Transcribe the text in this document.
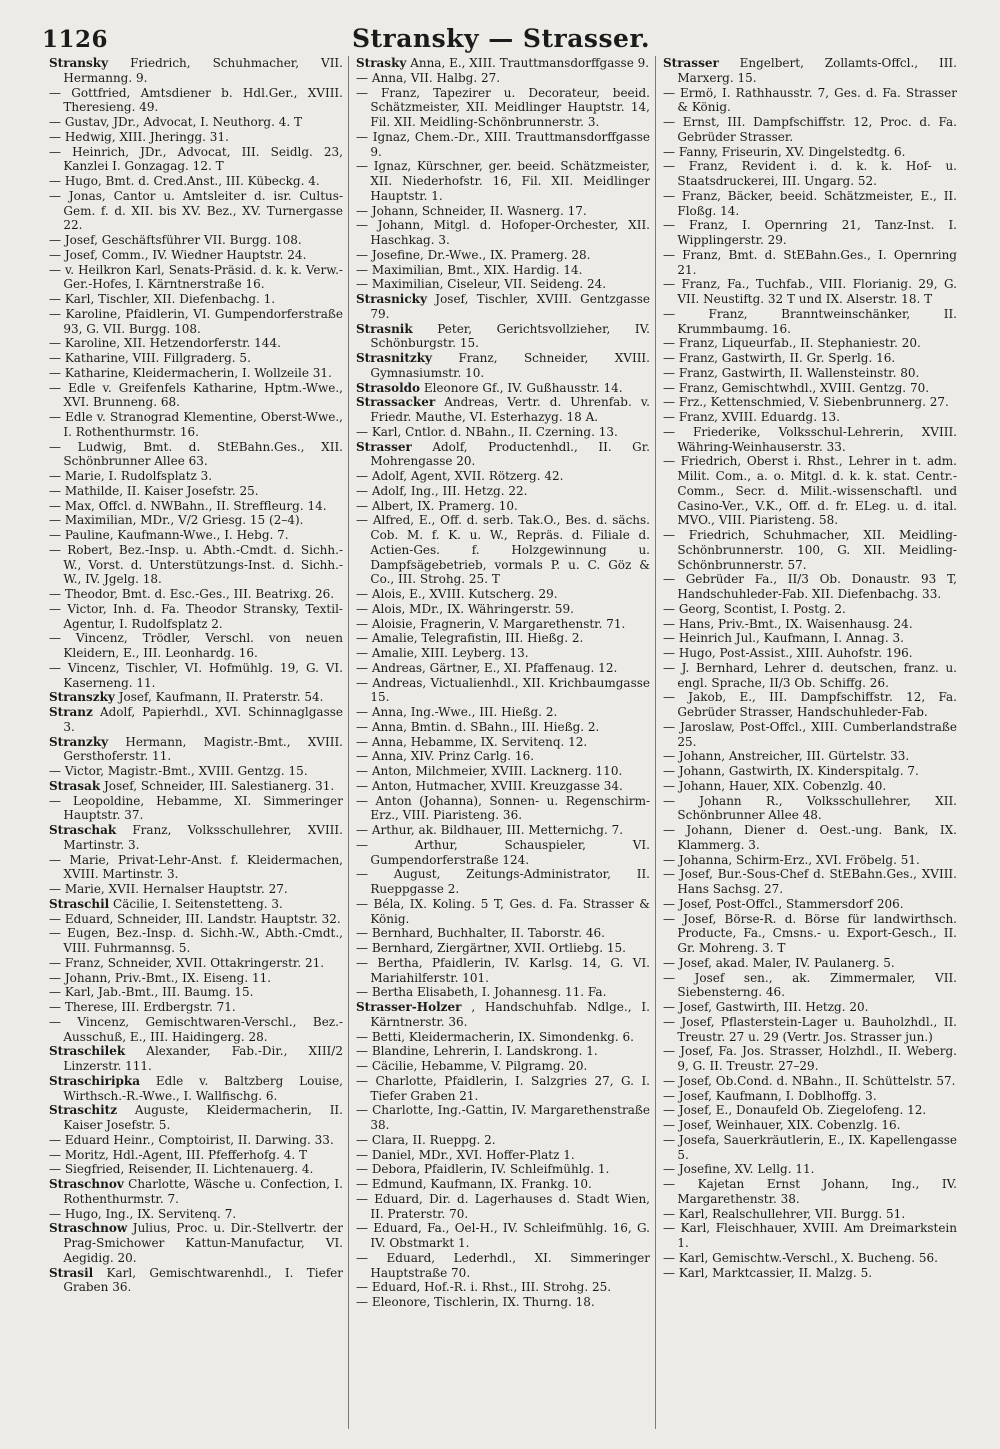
1126	Stransky — Strasser.
Stransky Friedrich, Schuhmacher, VII. Hermanng. 9.
— Gottfried, Amtsdiener b. Hdl.Ger., XVIII. Theresieng. 49.
— Gustav, JDr., Advocat, I. Neuthorg. 4. T
— Hedwig, XIII. Jheringg. 31.
— Heinrich, JDr., Advocat, III. Seidlg. 23, Kanzlei I. Gonzagag. 12. T
— Hugo, Bmt. d. Cred.Anst., III. Kübeckg. 4.
— Jonas, Cantor u. Amtsleiter d. isr. Cultus-Gem. f. d. XII. bis XV. Bez., XV. Turnergasse 22.
— Josef, Geschäftsführer VII. Burgg. 108.
— Josef, Comm., IV. Wiedner Hauptstr. 24.
— v. Heilkron Karl, Senats-Präsid. d. k. k. Verw.-Ger.-Hofes, I. Kärntnerstraße 16.
— Karl, Tischler, XII. Diefenbachg. 1.
— Karoline, Pfaidlerin, VI. Gumpendorferstraße 93, G. VII. Burgg. 108.
— Karoline, XII. Hetzendorferstr. 144.
— Katharine, VIII. Fillgraderg. 5.
— Katharine, Kleidermacherin, I. Wollzeile 31.
— Edle v. Greifenfels Katharine, Hptm.-Wwe., XVI. Brunneng. 68.
— Edle v. Stranograd Klementine, Oberst-Wwe., I. Rothenthurmstr. 16.
— Ludwig, Bmt. d. StEBahn.Ges., XII. Schönbrunner Allee 63.
— Marie, I. Rudolfsplatz 3.
— Mathilde, II. Kaiser Josefstr. 25.
— Max, Offcl. d. NWBahn., II. Streffleurg. 14.
— Maximilian, MDr., V/2 Griesg. 15 (2–4).
— Pauline, Kaufmann-Wwe., I. Hebg. 7.
— Robert, Bez.-Insp. u. Abth.-Cmdt. d. Sichh.-W., Vorst. d. Unterstützungs-Inst. d. Sichh.-W., IV. Jgelg. 18.
— Theodor, Bmt. d. Esc.-Ges., III. Beatrixg. 26.
— Victor, Inh. d. Fa. Theodor Stransky, Textil-Agentur, I. Rudolfsplatz 2.
— Vincenz, Trödler, Verschl. von neuen Kleidern, E., III. Leonhardg. 16.
— Vincenz, Tischler, VI. Hofmühlg. 19, G. VI. Kaserneng. 11.
Stranszky Josef, Kaufmann, II. Praterstr. 54.
Stranz Adolf, Papierhdl., XVI. Schinnaglgasse 3.
Stranzky Hermann, Magistr.-Bmt., XVIII. Gersthoferstr. 11.
— Victor, Magistr.-Bmt., XVIII. Gentzg. 15.
Strasak Josef, Schneider, III. Salestianerg. 31.
— Leopoldine, Hebamme, XI. Simmeringer Hauptstr. 37.
Straschak Franz, Volksschullehrer, XVIII. Martinstr. 3.
— Marie, Privat-Lehr-Anst. f. Kleidermachen, XVIII. Martinstr. 3.
— Marie, XVII. Hernalser Hauptstr. 27.
Straschil Cäcilie, I. Seitenstetteng. 3.
— Eduard, Schneider, III. Landstr. Hauptstr. 32.
— Eugen, Bez.-Insp. d. Sichh.-W., Abth.-Cmdt., VIII. Fuhrmannsg. 5.
— Franz, Schneider, XVII. Ottakringerstr. 21.
— Johann, Priv.-Bmt., IX. Eiseng. 11.
— Karl, Jab.-Bmt., III. Baumg. 15.
— Therese, III. Erdbergstr. 71.
— Vincenz, Gemischtwaren-Verschl., Bez.-Ausschuß, E., III. Haidingerg. 28.
Straschilek Alexander, Fab.-Dir., XIII/2 Linzerstr. 111.
Straschiripka Edle v. Baltzberg Louise, Wirthsch.-R.-Wwe., I. Wallfischg. 6.
Straschitz Auguste, Kleidermacherin, II. Kaiser Josefstr. 5.
— Eduard Heinr., Comptoirist, II. Darwing. 33.
— Moritz, Hdl.-Agent, III. Pfefferhofg. 4. T
— Siegfried, Reisender, II. Lichtenauerg. 4.
Straschnov Charlotte, Wäsche u. Confection, I. Rothenthurmstr. 7.
— Hugo, Ing., IX. Servitenq. 7.
Straschnow Julius, Proc. u. Dir.-Stellvertr. der Prag-Smichower Kattun-Manufactur, VI. Aegidig. 20.
Strasil Karl, Gemischtwarenhdl., I. Tiefer Graben 36.
Strasky Anna, E., XIII. Trauttmansdorffgasse 9.
— Anna, VII. Halbg. 27.
— Franz, Tapezirer u. Decorateur, beeid. Schätzmeister, XII. Meidlinger Hauptstr. 14, Fil. XII. Meidling-Schönbrunnerstr. 3.
— Ignaz, Chem.-Dr., XIII. Trauttmansdorffgasse 9.
— Ignaz, Kürschner, ger. beeid. Schätzmeister, XII. Niederhofstr. 16, Fil. XII. Meidlinger Hauptstr. 1.
— Johann, Schneider, II. Wasnerg. 17.
— Johann, Mitgl. d. Hofoper-Orchester, XII. Haschkag. 3.
— Josefine, Dr.-Wwe., IX. Pramerg. 28.
— Maximilian, Bmt., XIX. Hardig. 14.
— Maximilian, Ciseleur, VII. Seideng. 24.
Strasnicky Josef, Tischler, XVIII. Gentzgasse 79.
Strasnik Peter, Gerichtsvollzieher, IV. Schönburgstr. 15.
Strasnitzky Franz, Schneider, XVIII. Gymnasiumstr. 10.
Strasoldo Eleonore Gf., IV. Gußhausstr. 14.
Strassacker Andreas, Vertr. d. Uhrenfab. v. Friedr. Mauthe, VI. Esterhazyg. 18 A.
— Karl, Cntlor. d. NBahn., II. Czerning. 13.
Strasser Adolf, Productenhdl., II. Gr. Mohrengasse 20.
— Adolf, Agent, XVII. Rötzerg. 42.
— Adolf, Ing., III. Hetzg. 22.
— Albert, IX. Pramerg. 10.
— Alfred, E., Off. d. serb. Tak.O., Bes. d. sächs. Cob. M. f. K. u. W., Repräs. d. Filiale d. Actien-Ges. f. Holzgewinnung u. Dampfsägebetrieb, vormals P. u. C. Göz & Co., III. Strohg. 25. T
— Alois, E., XVIII. Kutscherg. 29.
— Alois, MDr., IX. Währingerstr. 59.
— Aloisie, Fragnerin, V. Margarethenstr. 71.
— Amalie, Telegrafistin, III. Hießg. 2.
— Amalie, XIII. Leyberg. 13.
— Andreas, Gärtner, E., XI. Pfaffenaug. 12.
— Andreas, Victualienhdl., XII. Krichbaumgasse 15.
— Anna, Ing.-Wwe., III. Hießg. 2.
— Anna, Bmtin. d. SBahn., III. Hießg. 2.
— Anna, Hebamme, IX. Servitenq. 12.
— Anna, XIV. Prinz Carlg. 16.
— Anton, Milchmeier, XVIII. Lacknerg. 110.
— Anton, Hutmacher, XVIII. Kreuzgasse 34.
— Anton (Johanna), Sonnen- u. Regenschirm-Erz., VIII. Piaristeng. 36.
— Arthur, ak. Bildhauer, III. Metternichg. 7.
— Arthur, Schauspieler, VI. Gumpendorferstraße 124.
— August, Zeitungs-Administrator, II. Rueppgasse 2.
— Béla, IX. Koling. 5 T, Ges. d. Fa. Strasser & König.
— Bernhard, Buchhalter, II. Taborstr. 46.
— Bernhard, Ziergärtner, XVII. Ortliebg. 15.
— Bertha, Pfaidlerin, IV. Karlsg. 14, G. VI. Mariahilferstr. 101.
— Bertha Elisabeth, I. Johannesg. 11. Fa.
Strasser-Holzer , Handschuhfab. Ndlge., I. Kärntnerstr. 36.
— Betti, Kleidermacherin, IX. Simondenkg. 6.
— Blandine, Lehrerin, I. Landskrong. 1.
— Cäcilie, Hebamme, V. Pilgramg. 20.
— Charlotte, Pfaidlerin, I. Salzgries 27, G. I. Tiefer Graben 21.
— Charlotte, Ing.-Gattin, IV. Margarethenstraße 38.
— Clara, II. Rueppg. 2.
— Daniel, MDr., XVI. Hoffer-Platz 1.
— Debora, Pfaidlerin, IV. Schleifmühlg. 1.
— Edmund, Kaufmann, IX. Frankg. 10.
— Eduard, Dir. d. Lagerhauses d. Stadt Wien, II. Praterstr. 70.
— Eduard, Fa., Oel-H., IV. Schleifmühlg. 16, G. IV. Obstmarkt 1.
— Eduard, Lederhdl., XI. Simmeringer Hauptstraße 70.
— Eduard, Hof.-R. i. Rhst., III. Strohg. 25.
— Eleonore, Tischlerin, IX. Thurng. 18.
Strasser Engelbert, Zollamts-Offcl., III. Marxerg. 15.
— Ermö, I. Rathhausstr. 7, Ges. d. Fa. Strasser & König.
— Ernst, III. Dampfschiffstr. 12, Proc. d. Fa. Gebrüder Strasser.
— Fanny, Friseurin, XV. Dingelstedtg. 6.
— Franz, Revident i. d. k. k. Hof- u. Staatsdruckerei, III. Ungarg. 52.
— Franz, Bäcker, beeid. Schätzmeister, E., II. Floßg. 14.
— Franz, I. Opernring 21, Tanz-Inst. I. Wipplingerstr. 29.
— Franz, Bmt. d. StEBahn.Ges., I. Opernring 21.
— Franz, Fa., Tuchfab., VIII. Florianig. 29, G. VII. Neustiftg. 32 T und IX. Alserstr. 18. T
— Franz, Branntweinschänker, II. Krummbaumg. 16.
— Franz, Liqueurfab., II. Stephaniestr. 20.
— Franz, Gastwirth, II. Gr. Sperlg. 16.
— Franz, Gastwirth, II. Wallensteinstr. 80.
— Franz, Gemischtwhdl., XVIII. Gentzg. 70.
— Frz., Kettenschmied, V. Siebenbrunnerg. 27.
— Franz, XVIII. Eduardg. 13.
— Friederike, Volksschul-Lehrerin, XVIII. Währing-Weinhauserstr. 33.
— Friedrich, Oberst i. Rhst., Lehrer in t. adm. Milit. Com., a. o. Mitgl. d. k. k. stat. Centr.-Comm., Secr. d. Milit.-wissenschaftl. und Casino-Ver., V.K., Off. d. fr. ELeg. u. d. ital. MVO., VIII. Piaristeng. 58.
— Friedrich, Schuhmacher, XII. Meidling-Schönbrunnerstr. 100, G. XII. Meidling-Schönbrunnerstr. 57.
— Gebrüder Fa., II/3 Ob. Donaustr. 93 T, Handschuhleder-Fab. XII. Diefenbachg. 33.
— Georg, Scontist, I. Postg. 2.
— Hans, Priv.-Bmt., IX. Waisenhausg. 24.
— Heinrich Jul., Kaufmann, I. Annag. 3.
— Hugo, Post-Assist., XIII. Auhofstr. 196.
— J. Bernhard, Lehrer d. deutschen, franz. u. engl. Sprache, II/3 Ob. Schiffg. 26.
— Jakob, E., III. Dampfschiffstr. 12, Fa. Gebrüder Strasser, Handschuhleder-Fab.
— Jaroslaw, Post-Offcl., XIII. Cumberlandstraße 25.
— Johann, Anstreicher, III. Gürtelstr. 33.
— Johann, Gastwirth, IX. Kinderspitalg. 7.
— Johann, Hauer, XIX. Cobenzlg. 40.
— Johann R., Volksschullehrer, XII. Schönbrunner Allee 48.
— Johann, Diener d. Oest.-ung. Bank, IX. Klammerg. 3.
— Johanna, Schirm-Erz., XVI. Fröbelg. 51.
— Josef, Bur.-Sous-Chef d. StEBahn.Ges., XVIII. Hans Sachsg. 27.
— Josef, Post-Offcl., Stammersdorf 206.
— Josef, Börse-R. d. Börse für landwirthsch. Producte, Fa., Cmsns.- u. Export-Gesch., II. Gr. Mohreng. 3. T
— Josef, akad. Maler, IV. Paulanerg. 5.
— Josef sen., ak. Zimmermaler, VII. Siebensterng. 46.
— Josef, Gastwirth, III. Hetzg. 20.
— Josef, Pflasterstein-Lager u. Bauholzhdl., II. Treustr. 27 u. 29 (Vertr. Jos. Strasser jun.)
— Josef, Fa. Jos. Strasser, Holzhdl., II. Weberg. 9, G. II. Treustr. 27–29.
— Josef, Ob.Cond. d. NBahn., II. Schüttelstr. 57.
— Josef, Kaufmann, I. Doblhoffg. 3.
— Josef, E., Donaufeld Ob. Ziegelofeng. 12.
— Josef, Weinhauer, XIX. Cobenzlg. 16.
— Josefa, Sauerkräutlerin, E., IX. Kapellengasse 5.
— Josefine, XV. Lellg. 11.
— Kajetan Ernst Johann, Ing., IV. Margarethenstr. 38.
— Karl, Realschullehrer, VII. Burgg. 51.
— Karl, Fleischhauer, XVIII. Am Dreimarkstein 1.
— Karl, Gemischtw.-Verschl., X. Bucheng. 56.
— Karl, Marktcassier, II. Malzg. 5.
